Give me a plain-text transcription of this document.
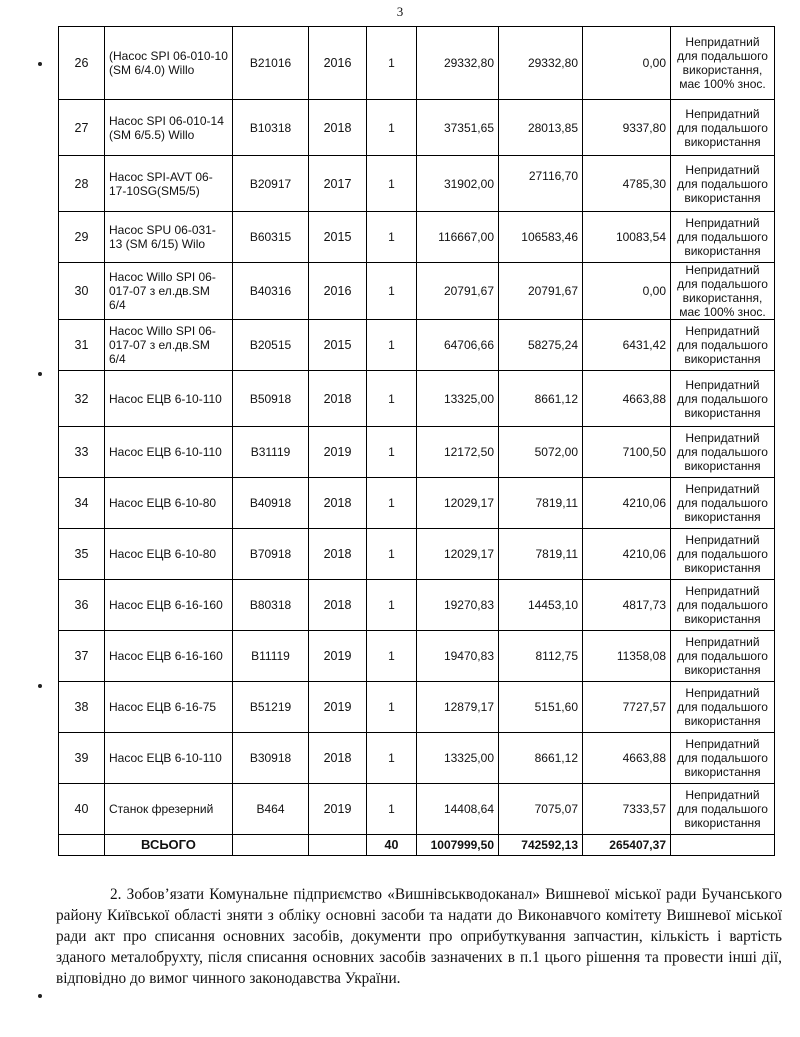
3
26	(Насос SPI 06-010-10 (SM 6/4.0) Willo	В21016	2016	1	29332,80	29332,80	0,00	Непридатний для подальшого використання, має 100% знос.
27	Насос SPI 06-010-14 (SM 6/5.5) Willo	В10318	2018	1	37351,65	28013,85	9337,80	Непридатний для подальшого використання
28	Насос SPI-AVT 06-17-10SG(SM5/5)	В20917	2017	1	31902,00	27116,70	4785,30	Непридатний для подальшого використання
29	Насос SPU 06-031-13 (SM 6/15) Wilo	В60315	2015	1	116667,00	106583,46	10083,54	Непридатний для подальшого використання
30	Насос Willo SPI 06-017-07 з ел.дв.SM 6/4	В40316	2016	1	20791,67	20791,67	0,00	Непридатний для подальшого використання, має 100% знос.
31	Насос Willo SPI 06-017-07 з ел.дв.SM 6/4	В20515	2015	1	64706,66	58275,24	6431,42	Непридатний для подальшого використання
32	Насос ЕЦВ 6-10-110	В50918	2018	1	13325,00	8661,12	4663,88	Непридатний для подальшого використання
33	Насос ЕЦВ 6-10-110	В31119	2019	1	12172,50	5072,00	7100,50	Непридатний для подальшого використання
34	Насос ЕЦВ 6-10-80	В40918	2018	1	12029,17	7819,11	4210,06	Непридатний для подальшого використання
35	Насос ЕЦВ 6-10-80	В70918	2018	1	12029,17	7819,11	4210,06	Непридатний для подальшого використання
36	Насос ЕЦВ 6-16-160	В80318	2018	1	19270,83	14453,10	4817,73	Непридатний для подальшого використання
37	Насос ЕЦВ 6-16-160	В11119	2019	1	19470,83	8112,75	11358,08	Непридатний для подальшого використання
38	Насос ЕЦВ 6-16-75	В51219	2019	1	12879,17	5151,60	7727,57	Непридатний для подальшого використання
39	Насос ЕЦВ 6-10-110	В30918	2018	1	13325,00	8661,12	4663,88	Непридатний для подальшого використання
40	Станок фрезерний	В464	2019	1	14408,64	7075,07	7333,57	Непридатний для подальшого використання
	ВСЬОГО			40	1007999,50	742592,13	265407,37	
2. Зобов’язати Комунальне підприємство «Вишнівськводоканал» Вишневої міської ради Бучанського району Київської області зняти з обліку основні засоби та надати до Виконавчого комітету Вишневої міської ради акт про списання основних засобів, документи про оприбуткування запчастин, кількість і вартість зданого металобрухту, після списання основних засобів зазначених в п.1 цього рішення та провести інші дії, відповідно до вимог чинного законодавства України.
